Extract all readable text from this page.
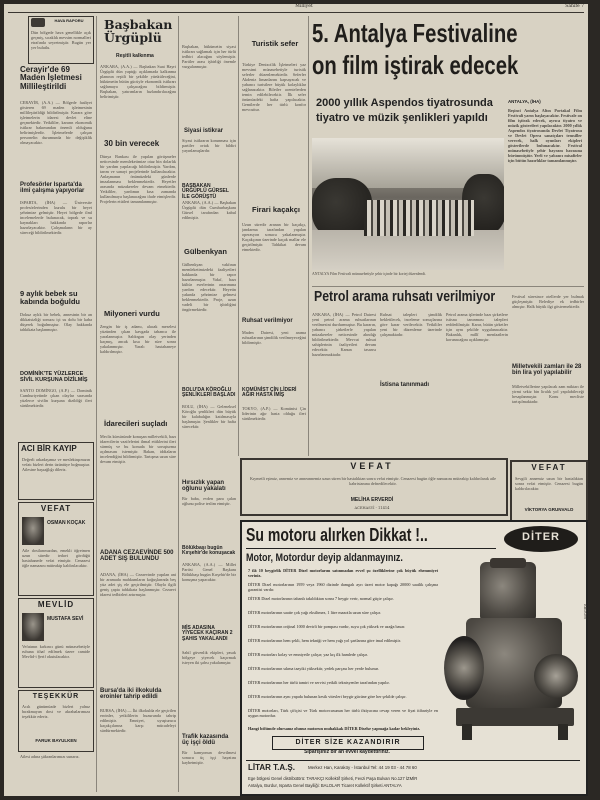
Milliyet	Sahife 7
HAVA RAPORU
Dün bölgede hava genellikle açık geçmiş, sıcaklık mevsim normalleri etrafında seyretmiştir. Bugün yer yer bulutlu.
Cerayir'de 69 Maden İşletmesi Millileştirildi
CERAYİR, (A.A.) — Bölgede faaliyet gösteren 69 maden işletmesinin millileştirildiği bildirilmiştir. Karara göre işletmelerin idaresi devlet eline geçmektedir. Yetkililer, kararın ekonomik istikrar bakımından önemli olduğunu belirtmişlerdir. İşletmelerde çalışan personelin durumunda bir değişiklik olmayacaktır.
Profesörler Isparta'da ilmî çalışma yapıyorlar
ISPARTA, (İHA) — Üniversite profesörlerinden kurulu bir heyet şehrimize gelmiştir. Heyet bölgede ilmî incelemelerde bulunacak, toprak ve su kaynakları hakkında raporlar hazırlayacaktır. Çalışmaların bir ay süreceği bildirilmektedir.
9 aylık bebek su kabında boğuldu
Dokuz aylık bir bebek, annesinin bir an dikkatsizliği sonucu içi su dolu bir kaba düşerek boğulmuştur. Olay hakkında tahkikata başlanmıştır.
DOMİNİK'TE YÜZLERCE SİVİL KURŞUNA DİZİLMİŞ
SANTO DOMİNGO, (A.P.) — Dominik Cumhuriyetinde çıkan olaylar sırasında yüzlerce sivilin kurşuna dizildiği ileri sürülmektedir.
ACI BİR KAYIP
Değerli arkadaşımız ve meslektaşımızın vefatı bizleri derin üzüntüye boğmuştur. Ailesine başsağlığı dileriz.
VEFAT
OSMAN KOÇAK
Aile dostlarımızdan, emekli öğretmen uzun süredir tedavi gördüğü hastahanede vefat etmiştir. Cenazesi öğle namazını müteakip kaldırılacaktır.
MEVLİD
MUSTAFA SEVİ
Vefatının kırkıncı günü münasebetiyle ruhuna ithaf edilmek üzere camide Mevlid-i Şerif okutulacaktır.
TEŞEKKÜR
Acılı günümüzde bizleri yalnız bırakmayan dost ve akrabalarımıza teşekkür ederiz.
FARUK BAYULKEN
Ailesi adına şükranlarımızı sunarız.
Başbakan Ürgüplü
Reşitli kalkınma
ANKARA, (A.A.) — Başbakan Suat Hayri Ürgüplü dün yaptığı açıklamada kalkınma planının reşitli bir şekilde yürütüleceğini, hükümetin bütün gücüyle ekonomik istikrarı sağlamaya çalışacağını bildirmiştir. Başbakan, yatırımların hızlandırılacağını belirtmiştir.
30 bin verecek
Dünya Bankası ile yapılan görüşmeler neticesinde memleketimize otuz bin dolarlık bir yardım yapılacağı bildirilmiştir. Yardım, tarım ve sanayi projelerinde kullanılacaktır. Anlaşmanın önümüzdeki günlerde imzalanması beklenmektedir. Heyetler arasında müzakereler devam etmektedir. Yetkililer, yardımın kısa zamanda kullanılmaya başlanacağını ifade etmişlerdir. Projelerin etütleri tamamlanmıştır.
Milyoneri vurdu
Zengin bir iş adamı, alacak meselesi yüzünden çıkan kavgada tabanca ile yaralanmıştır. Saldırgan olay yerinden kaçmış, ancak kısa bir süre sonra yakalanmıştır. Yaralı hastahaneye kaldırılmıştır.
İdarecileri suçladı
Meclis kürsüsünde konuşan milletvekili, bazı idarecilerin vazifelerini ihmal ettiklerini ileri sürmüş ve bu konuda bir soruşturma açılmasını istemiştir. Bakan, iddiaların incelendiğini bildirmiştir. Tartışma uzun süre devam etmiştir.
ADANA CEZAEVİNDE 500 ADET SIŞ BULUNDU
ADANA, (İHA) — Cezaevinde yapılan ani bir aramada mahkumların koğuşlarında beş yüz adet şiş ele geçirilmiştir. Olayla ilgili geniş çapta tahkikata başlanmıştır. Cezaevi idaresi tedbirleri artırmıştır.
Bursa'da iki ilkokulda eroinler tahrip edildi
BURSA, (İHA) — İki ilkokulda ele geçirilen eroinler, yetkililerin huzurunda tahrip edilmiştir. Emniyet, uyuşturucu kaçakçılarına karşı mücadeleyi sürdürmektedir.
Başbakan, hükümetin siyasi istikrarı sağlamak için her türlü tedbiri alacağını söylemiştir. Partiler arası işbirliği önemle vurgulanmıştır.
Siyasi istikrar
Siyasi istikrarın korunması için partiler ortak bir bildiri yayınlamışlardır.
BAŞBAKAN ÜRGÜPLÜ GÜRSEL İLE GÖRÜŞTÜ
ANKARA, (A.A.) — Başbakan Ürgüplü dün Cumhurbaşkanı Gürsel tarafından kabul edilmiştir.
Gülbenkyan
Gülbenkyan vakfının memleketimizdeki faaliyetleri hakkında bir rapor hazırlanmıştır. Vakıf, bazı kültür eserlerinin onarımına yardım edecektir. Heyetin yakında şehrimize gelmesi beklenmektedir. Proje, uzun vadeli bir işbirliğini öngörmektedir.
BOLU'DA KÖROĞLU ŞENLİKLERİ BAŞLADI
BOLU, (İHA) — Geleneksel Köroğlu şenlikleri dün büyük bir kalabalığın katılmasıyla başlamıştır. Şenlikler bir hafta sürecektir.
Hırsızlık yapan oğlunu yakalatı
Bir baba, evden para çalan oğlunu polise teslim etmiştir.
Bölükbaşı bugün Kırşehir'de konuşacak
ANKARA, (A.A.) — Millet Partisi Genel Başkanı Bölükbaşı bugün Kırşehir'de bir konuşma yapacaktır.
MİS ADASINA YİYECEK KAÇIRAN 2 ŞAHIS YAKALANDI
Sahil güvenlik ekipleri, yasak bölgeye yiyecek kaçırmak isteyen iki şahsı yakalamıştır.
Trafik kazasında üç işçi öldü
Bir kamyonun devrilmesi sonucu üç işçi hayatını kaybetmiştir.
Turistik sefer
Türkiye Denizcilik İşletmeleri yaz mevsimi münasebetiyle turistik seferler düzenlemektedir. Seferler Akdeniz limanlarını kapsayacak ve yabancı turistlere büyük kolaylıklar sağlanacaktır. Biletler acentelerden temin edilebilecektir. İlk sefer önümüzdeki hafta yapılacaktır. Gemilerde her türlü konfor mevcuttur.
Firari kaçakçı
Uzun süredir aranan bir kaçakçı, jandarma tarafından yapılan operasyon sonucu yakalanmıştır. Kaçakçının üzerinde kaçak mallar ele geçirilmiştir. Tahkikat devam etmektedir.
Ruhsat verilmiyor
Maden Dairesi, yeni arama ruhsatlarının şimdilik verilmeyeceğini bildirmiştir.
KOMÜNİST ÇİN LİDERİ AĞIR HASTA İMİŞ
TOKYO, (A.P.) — Komünist Çin liderinin ağır hasta olduğu ileri sürülmektedir.
5. Antalya Festivaline
on film iştirak edecek
2000 yıllık Aspendos tiyatrosunda tiyatro ve müzik şenlikleri yapıldı
ANTALYA Film Festivali münasebetiyle şehir içinde bir kortej düzenlendi.
ANTALYA, (İHA)
Beşinci Antalya Altın Portakal Film Festivali yarın başlayacaktır. Festivale on film iştirak edecek, ayrıca tiyatro ve müzik gösterileri yapılacaktır. 2000 yıllık Aspendos tiyatrosunda Devlet Tiyatrosu ve Devlet Opera sanatçıları temsiller verecek, halk oyunları ekipleri gösterilerde bulunacaktır. Festival münasebetiyle şehir bayram havasına bürünmüştür. Yerli ve yabancı misafirler için bütün hazırlıklar tamamlanmıştır.
Petrol arama ruhsatı verilmiyor
ANKARA, (İHA) — Petrol Dairesi yeni petrol arama ruhsatlarının verilmesini durdurmuştur. Bu kararın, yabancı şirketlerle yapılan müzakereler neticesinde alındığı bildirilmektedir. Mevcut ruhsat sahiplerinin faaliyetleri devam edecektir. Kanun tasarısı hazırlanmaktadır.
İstisna tanınmadı
Ruhsat talepleri şimdilik bekletilecek, inceleme sonuçlarına göre karar verilecektir. Yetkililer yeni bir düzenleme üzerinde çalışmaktadır.
Petrol arama işlerinde bazı şirketlere istisna tanınması talepleri reddedilmiştir. Karar, bütün şirketler için aynı şekilde uygulanacaktır. Bakanlık, millî menfaatlerin korunacağını açıklamıştır.
Milletvekili zamları ile 28 bin lira yol yapılabilir
Festival süresince otellerde yer bulmak güçleşmiştir. Belediye ek tedbirler almıştır. Halk büyük ilgi göstermektedir.
Milletvekillerine yapılacak zam miktarı ile yirmi sekiz bin liralık yol yapılabileceği hesaplanmıştır. Konu mecliste tartışılmaktadır.
VEFAT
Kıymetli eşimiz, annemiz ve anneannemiz uzun süren bir hastalıktan sonra vefat etmiştir. Cenazesi bugün öğle namazını müteakip kaldırılarak aile kabristanına defnedilecektir.
MELİHA ERVERDİ
ACEHASYİ - 11414
VEFAT
Sevgili annemiz uzun bir hastalıktan sonra vefat etmiştir. Cenazesi bugün kaldırılacaktır.
VİKTORYA GRUNVALD
Su motoru alırken Dikkat !..	DİTER
Motor, Motordur deyip aldanmayınız.
7 ilâ 10 beygirlik DİTER Dizel motorlarını satınmadan evvel şu özelliklerine çok büyük ehemmiyet veriniz.
DİTER Dizel motorlarının 1959 veya 1960 dizinde damgalı ayrı üzeri motor kapağı 20000 saatlik çalışma garantisi vardır.
DİTER Dizel motorlarının tabanlı takıldıktan sonra 7 beygir verir, normal güçte çalışır.
DİTER motorlarının saatte çok yağı eksiltmez, 1 litre mazotla uzun süre çalışır.
DİTER motorlarının orijinal 1000 devirli bir pompası vardır, suyu çok yüksek ve uzağa basar.
DİTER motorlarının hem şekli, hem tekniği ve hem yağı yol şartlarına göre imal edilmiştir.
DİTER motorları kolay ve emniyetle çalışır; yaz kış ilk hamlede çalışır.
DİTER motorlarının sıkma tazyiki yüksektir, yedek parçası her yerde bulunur.
DİTER motorlarının her türlü tamiri ve servisi yetkili teknisyenler tarafından yapılır.
DİTER motorlarının aynı yapıda bulunan kesik vitesleri beygir gücüne göre her şekilde çalışır.
DİTER motorları, Türk çiftçisi ve Türk motorcusunun her türlü ihtiyacına cevap veren ve fiyat itibariyle en uygun motordur.
Hangi bölümde olursanız olunuz motorun muhakkak DİTER Diselse yapmağa kadar bekleyiniz.
DİTER SİZE KAZANDIRIR
Siparişiniz bir an evvel kaydettiriniz.
LİTAR T.A.Ş.	Merkez Han, Karaköy - İstanbul Tel: 44 19 03 - 44 78 60
Ege bölgesi Genel distribütörü: TARAKÇI Kollektif Şirketi, Fevzi Paşa Bulvarı No.127 İZMİR
Antalya, Burdur, Isparta Genel Bayiliği: BALOLAR Ticaret Kollektif Şirketi ANTALYA
ABDOM
